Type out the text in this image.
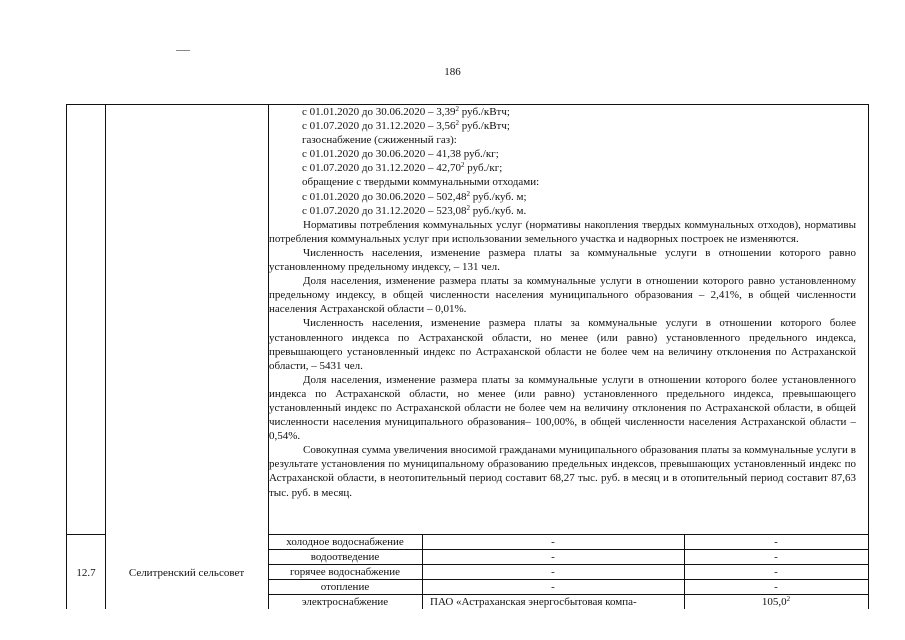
186
с 01.01.2020 до 30.06.2020 – 3,39$^2$ руб./кВтч;
с 01.07.2020 до 31.12.2020 – 3,56$^2$ руб./кВтч;
газоснабжение (сжиженный газ):
с 01.01.2020 до 30.06.2020 – 41,38 руб./кг;
с 01.07.2020 до 31.12.2020 – 42,70$^2$ руб./кг;
обращение с твердыми коммунальными отходами:
с 01.01.2020 до 30.06.2020 – 502,48$^2$ руб./куб. м;
с 01.07.2020 до 31.12.2020 – 523,08$^2$ руб./куб. м.
Нормативы потребления коммунальных услуг (нормативы накопления твердых коммунальных отходов), нормативы потребления коммунальных услуг при использовании земельного участка и надворных построек не изменяются.
Численность населения, изменение размера платы за коммунальные услуги в отношении которого равно установленному предельному индексу, – 131 чел.
Доля населения, изменение размера платы за коммунальные услуги в отношении которого равно установленному предельному индексу, в общей численности населения муниципального образования – 2,41%, в общей численности населения Астраханской области – 0,01%.
Численность населения, изменение размера платы за коммунальные услуги в отношении которого более установленного индекса по Астраханской области, но менее (или равно) установленного предельного индекса, превышающего установленный индекс по Астраханской области не более чем на величину отклонения по Астраханской области, – 5431 чел.
Доля населения, изменение размера платы за коммунальные услуги в отношении которого более установленного индекса по Астраханской области, но менее (или равно) установленного предельного индекса, превышающего установленный индекс по Астраханской области не более чем на величину отклонения по Астраханской области, в общей численности населения муниципального образования– 100,00%, в общей численности населения Астраханской области – 0,54%.
Совокупная сумма увеличения вносимой гражданами муниципального образования платы за коммунальные услуги в результате установления по муниципальному образованию предельных индексов, превышающих установленный индекс по Астраханской области, в неотопительный период составит 68,27 тыс. руб. в месяц и в отопительный период составит 87,63 тыс. руб. в месяц.
12.7	Селитренский сельсовет
холодное водоснабжение	-	-
водоотведение	-	-
горячее водоснабжение	-	-
отопление	-	-
электроснабжение	ПАО «Астраханская энергосбытовая компа-	105,0$^2$
